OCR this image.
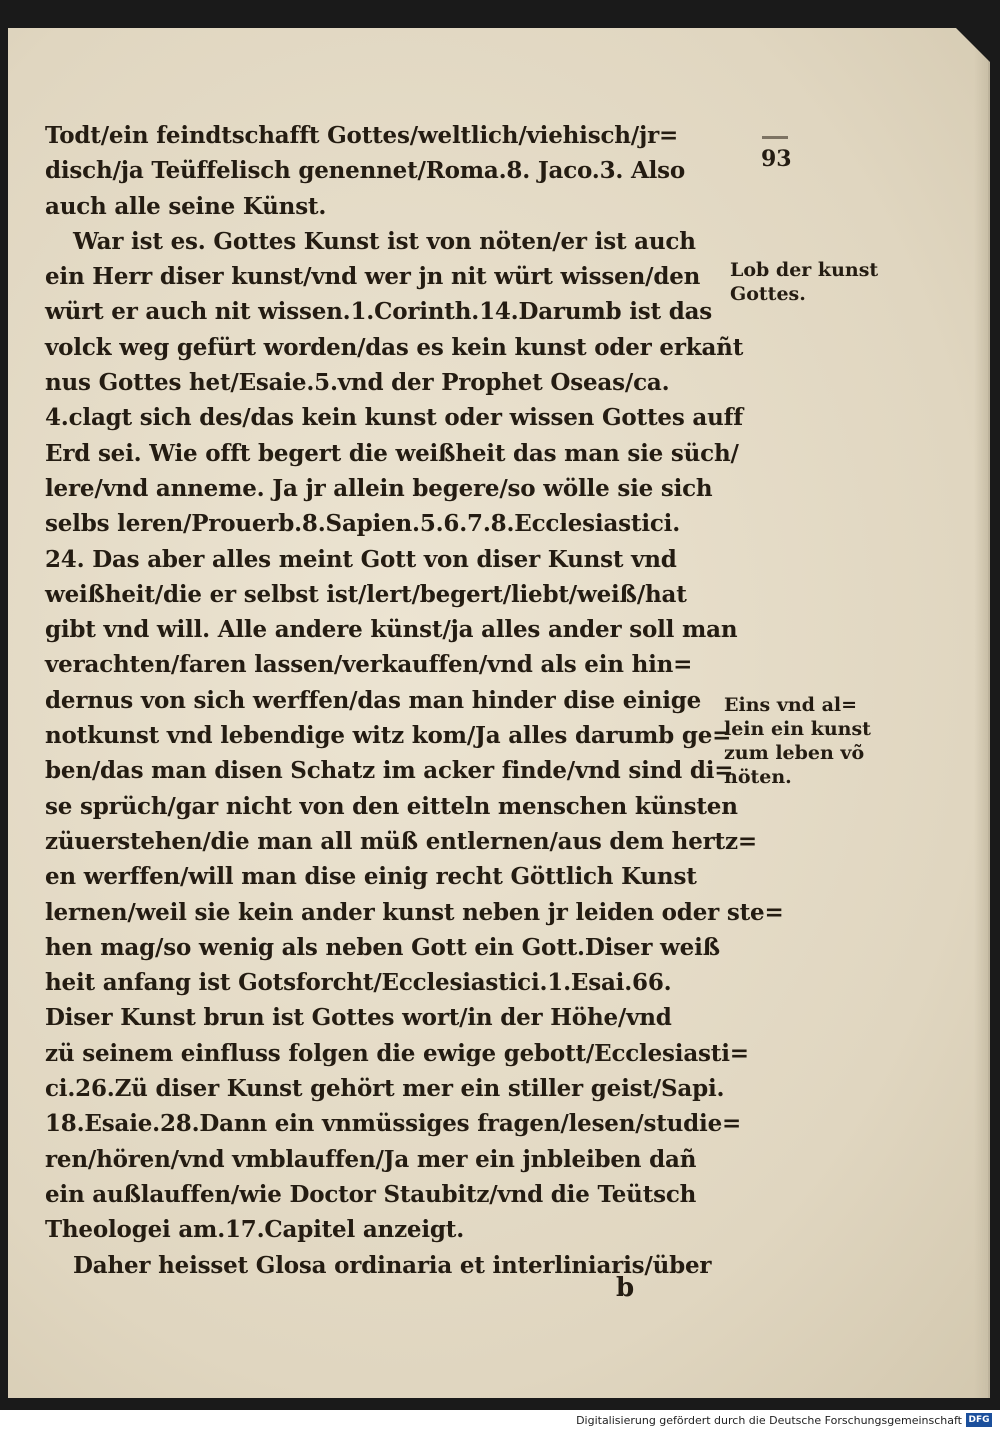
93
Todt/ein feindtschafft Gottes/weltlich/viehisch/jr=
disch/ja Teüffelisch genennet/Roma.8. Jaco.3. Also
auch alle seine Künst.
War ist es. Gottes Kunst ist von nöten/er ist auch
ein Herr diser kunst/vnd wer jn nit würt wissen/den
würt er auch nit wissen.1.Corinth.14.Darumb ist das
volck weg gefürt worden/das es kein kunst oder erkañt
nus Gottes het/Esaie.5.vnd der Prophet Oseas/ca.
4.clagt sich des/das kein kunst oder wissen Gottes auff
Erd sei. Wie offt begert die weißheit das man sie süch/
lere/vnd anneme. Ja jr allein begere/so wölle sie sich
selbs leren/Prouerb.8.Sapien.5.6.7.8.Ecclesiastici.
24. Das aber alles meint Gott von diser Kunst vnd
weißheit/die er selbst ist/lert/begert/liebt/weiß/hat
gibt vnd will. Alle andere künst/ja alles ander soll man
verachten/faren lassen/verkauffen/vnd als ein hin=
dernus von sich werffen/das man hinder dise einige
notkunst vnd lebendige witz kom/Ja alles darumb ge=
ben/das man disen Schatz im acker finde/vnd sind di=
se sprüch/gar nicht von den eitteln menschen künsten
züuerstehen/die man all müß entlernen/aus dem hertz=
en werffen/will man dise einig recht Göttlich Kunst
lernen/weil sie kein ander kunst neben jr leiden oder ste=
hen mag/so wenig als neben Gott ein Gott.Diser weiß
heit anfang ist Gotsforcht/Ecclesiastici.1.Esai.66.
Diser Kunst brun ist Gottes wort/in der Höhe/vnd
zü seinem einfluss folgen die ewige gebott/Ecclesiasti=
ci.26.Zü diser Kunst gehört mer ein stiller geist/Sapi.
18.Esaie.28.Dann ein vnmüssiges fragen/lesen/studie=
ren/hören/vnd vmblauffen/Ja mer ein jnbleiben dañ
ein außlauffen/wie Doctor Staubitz/vnd die Teütsch
Theologei am.17.Capitel anzeigt.
Daher heisset Glosa ordinaria et interliniaris/über
Lob der kunst
Gottes.
Eins vnd al=
lein ein kunst
zum leben võ
nöten.
b
Digitalisierung gefördert durch die Deutsche Forschungsgemeinschaft DFG
